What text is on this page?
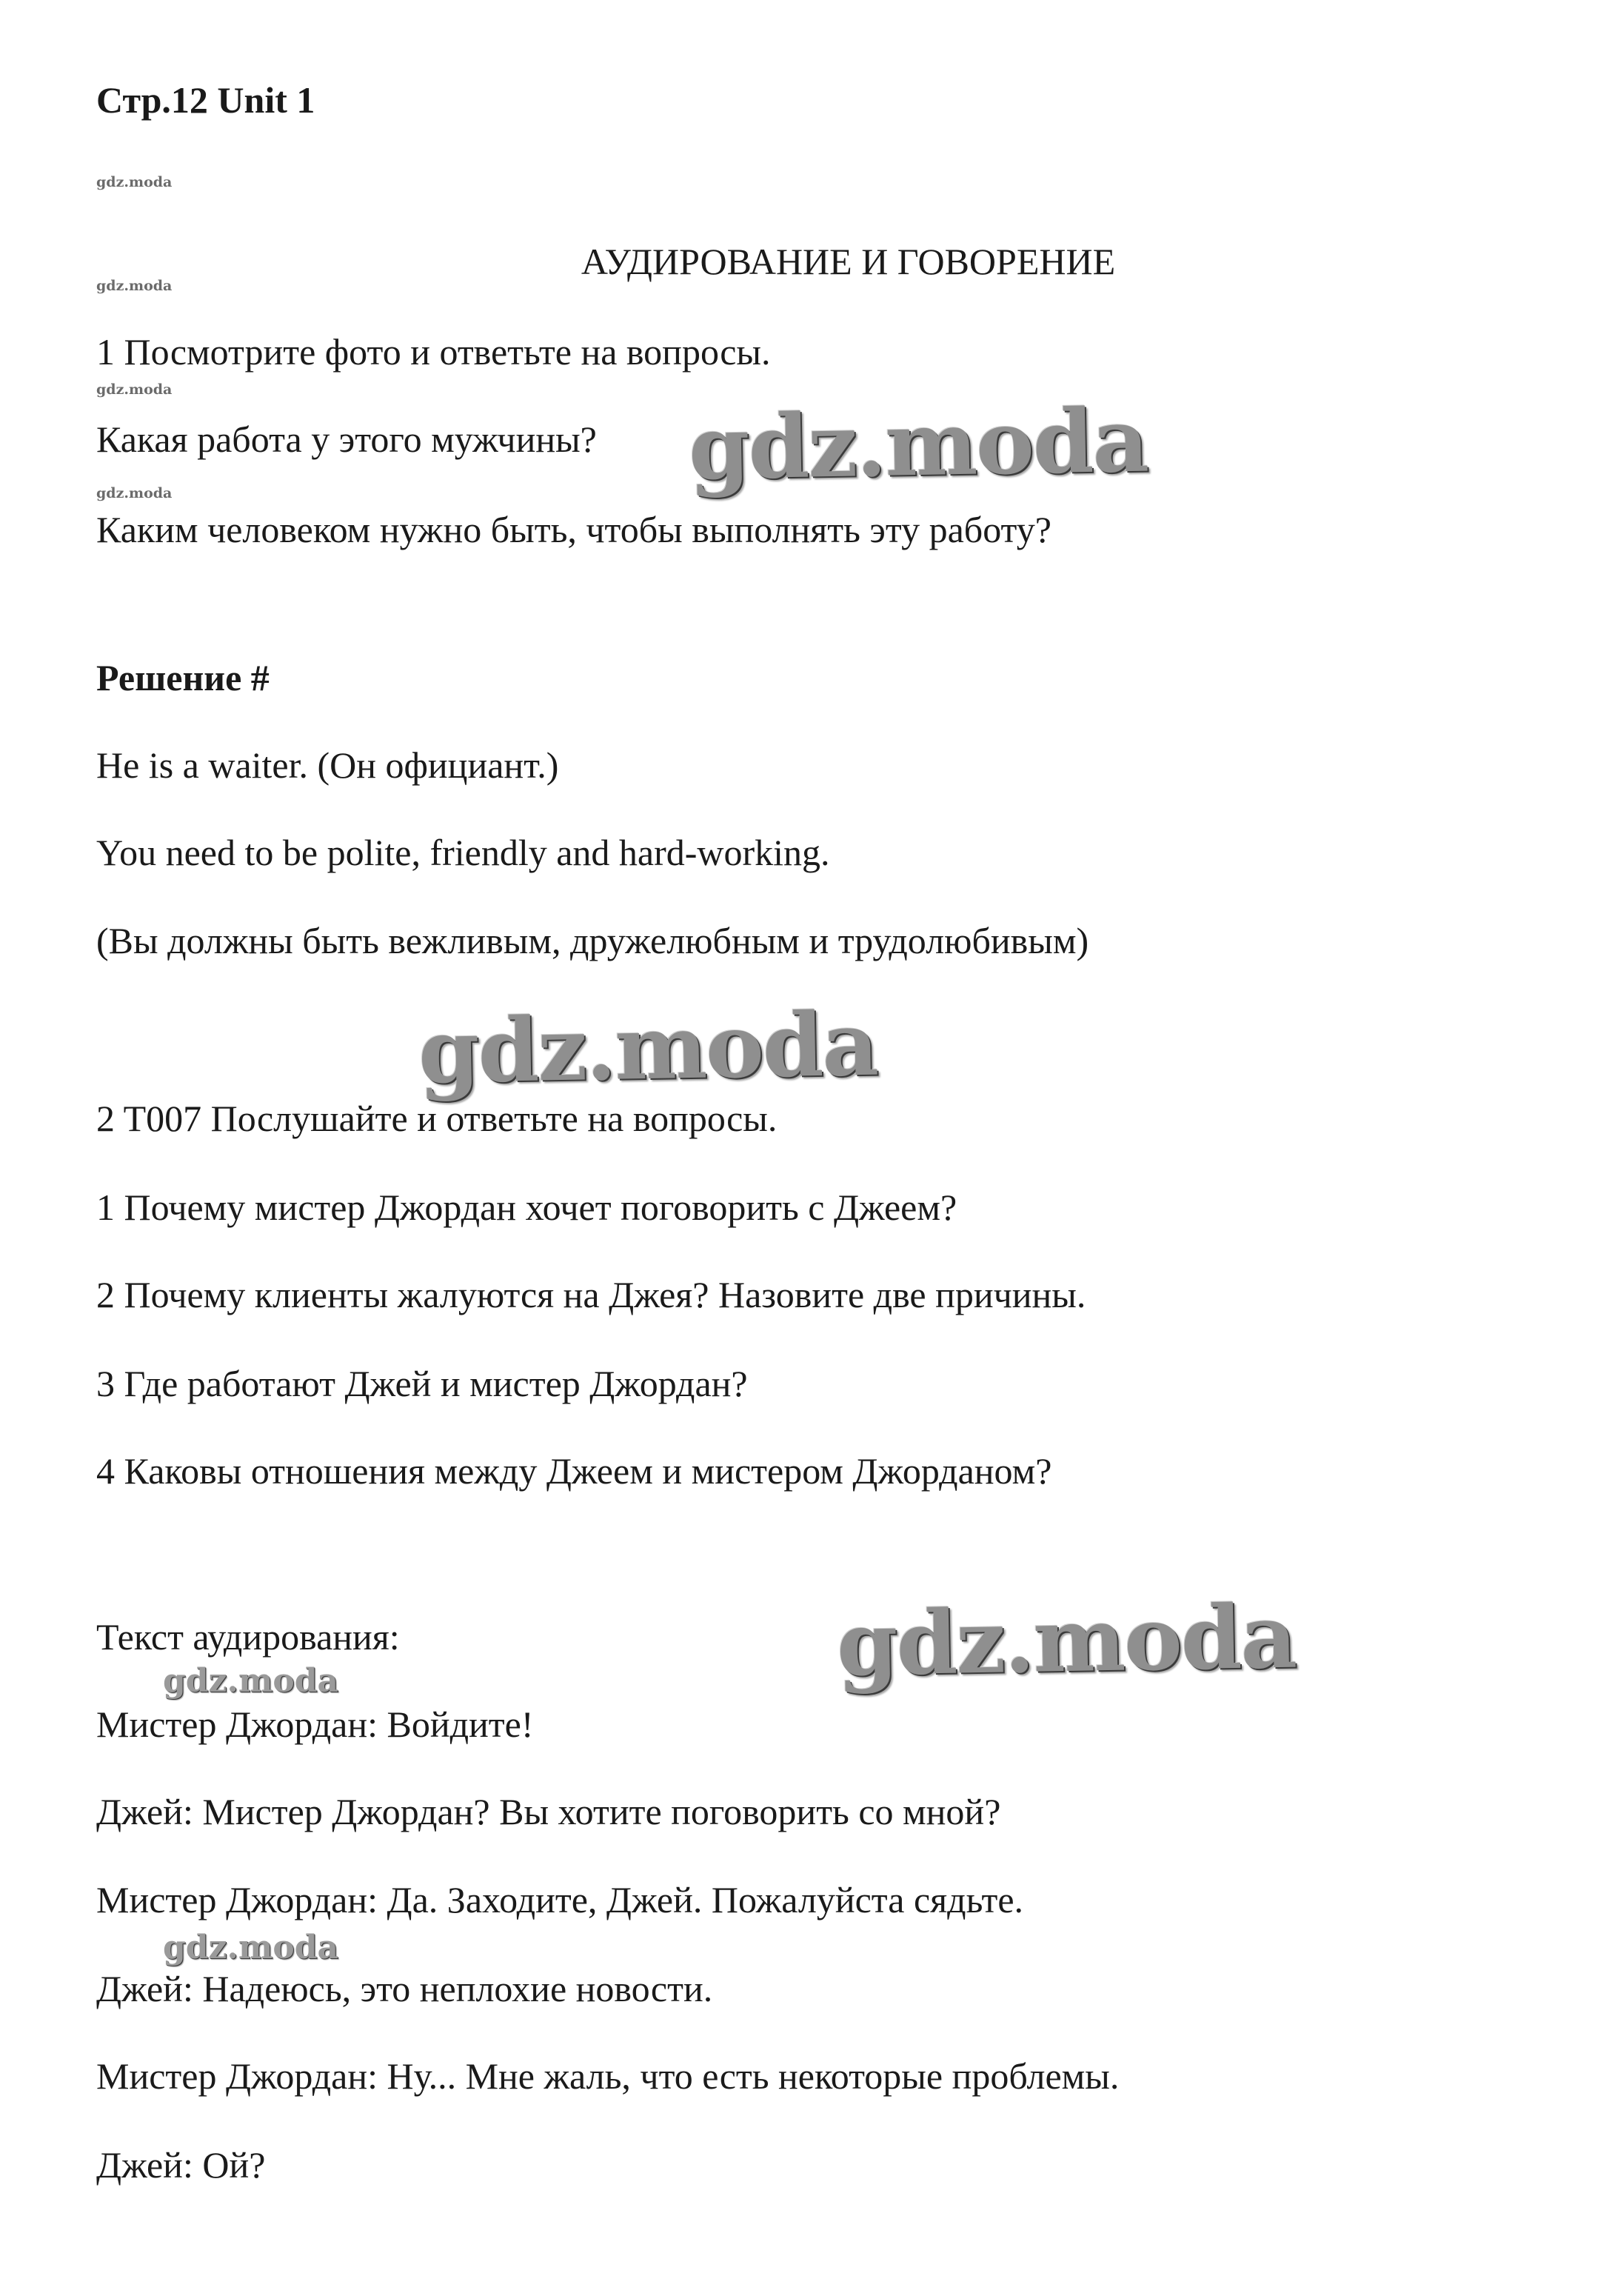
Стр.12 Unit 1
gdz.moda
gdz.moda
gdz.moda
gdz.moda
АУДИРОВАНИЕ И ГОВОРЕНИЕ
1 Посмотрите фото и ответьте на вопросы.
Какая работа у этого мужчины?
Каким человеком нужно быть, чтобы выполнять эту работу?
gdz.moda
Решение #
He is a waiter. (Он официант.)
You need to be polite, friendly and hard-working.
(Вы должны быть вежливым, дружелюбным и трудолюбивым)
gdz.moda
2 T007 Послушайте и ответьте на вопросы.
1 Почему мистер Джордан хочет поговорить с Джеем?
2 Почему клиенты жалуются на Джея? Назовите две причины.
3 Где работают Джей и мистер Джордан?
4 Каковы отношения между Джеем и мистером Джорданом?
Текст аудирования:	gdz.moda
gdz.moda
Мистер Джордан: Войдите!
Джей: Мистер Джордан? Вы хотите поговорить со мной?
Мистер Джордан: Да. Заходите, Джей. Пожалуйста сядьте.
gdz.moda
Джей: Надеюсь, это неплохие новости.
Мистер Джордан: Ну... Мне жаль, что есть некоторые проблемы.
Джей: Ой?
